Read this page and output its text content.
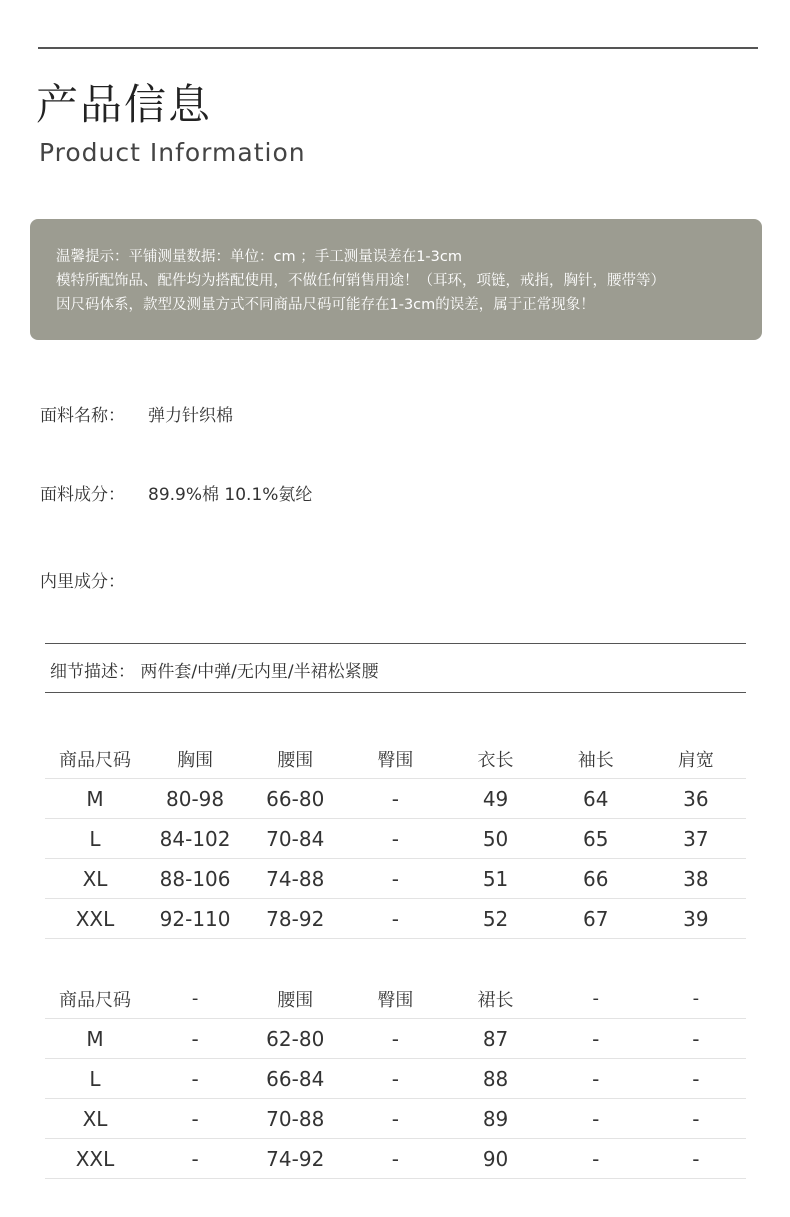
产品信息
Product Information
温馨提示：平铺测量数据：单位：cm ；手工测量误差在1-3cm
模特所配饰品、配件均为搭配使用，不做任何销售用途！（耳环，项链，戒指，胸针，腰带等）
因尺码体系，款型及测量方式不同商品尺码可能存在1-3cm的误差，属于正常现象！
面料名称： 弹力针织棉
面料成分： 89.9%棉 10.1%氨纶
内里成分：
细节描述： 两件套/中弹/无内里/半裙松紧腰
商品尺码	胸围	腰围	臀围	衣长	袖长	肩宽
M	80-98	66-80	-	49	64	36
L	84-102	70-84	-	50	65	37
XL	88-106	74-88	-	51	66	38
XXL	92-110	78-92	-	52	67	39
商品尺码	-	腰围	臀围	裙长	-	-
M	-	62-80	-	87	-	-
L	-	66-84	-	88	-	-
XL	-	70-88	-	89	-	-
XXL	-	74-92	-	90	-	-
